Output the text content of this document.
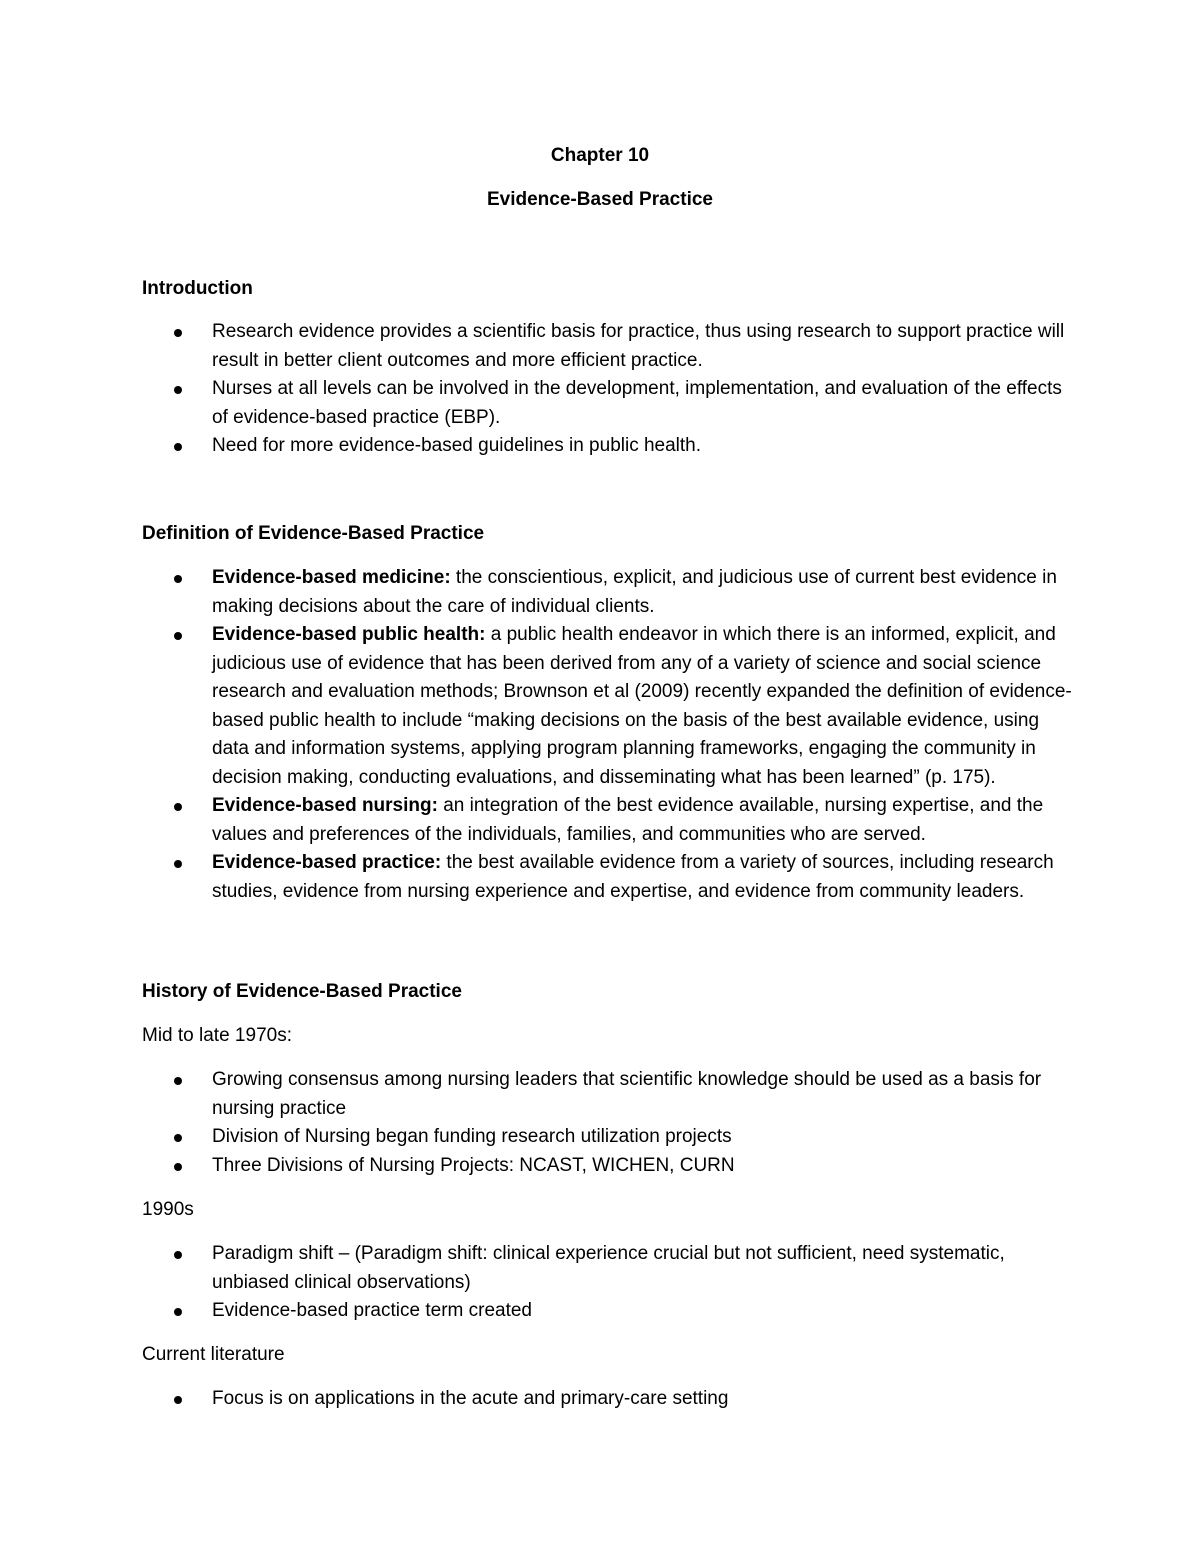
Chapter 10

Evidence-Based Practice

Introduction

Research evidence provides a scientific basis for practice, thus using research to support practice will result in better client outcomes and more efficient practice.
Nurses at all levels can be involved in the development, implementation, and evaluation of the effects of evidence-based practice (EBP).
Need for more evidence-based guidelines in public health.

Definition of Evidence-Based Practice

Evidence-based medicine: the conscientious, explicit, and judicious use of current best evidence in making decisions about the care of individual clients.
Evidence-based public health: a public health endeavor in which there is an informed, explicit, and judicious use of evidence that has been derived from any of a variety of science and social science research and evaluation methods; Brownson et al (2009) recently expanded the definition of evidence-based public health to include “making decisions on the basis of the best available evidence, using data and information systems, applying program planning frameworks, engaging the community in decision making, conducting evaluations, and disseminating what has been learned” (p. 175).
Evidence-based nursing: an integration of the best evidence available, nursing expertise, and the values and preferences of the individuals, families, and communities who are served.
Evidence-based practice: the best available evidence from a variety of sources, including research studies, evidence from nursing experience and expertise, and evidence from community leaders.

History of Evidence-Based Practice

Mid to late 1970s:

Growing consensus among nursing leaders that scientific knowledge should be used as a basis for nursing practice
Division of Nursing began funding research utilization projects
Three Divisions of Nursing Projects: NCAST, WICHEN, CURN

1990s

Paradigm shift – (Paradigm shift: clinical experience crucial but not sufficient, need systematic, unbiased clinical observations)
Evidence-based practice term created

Current literature

Focus is on applications in the acute and primary-care setting
